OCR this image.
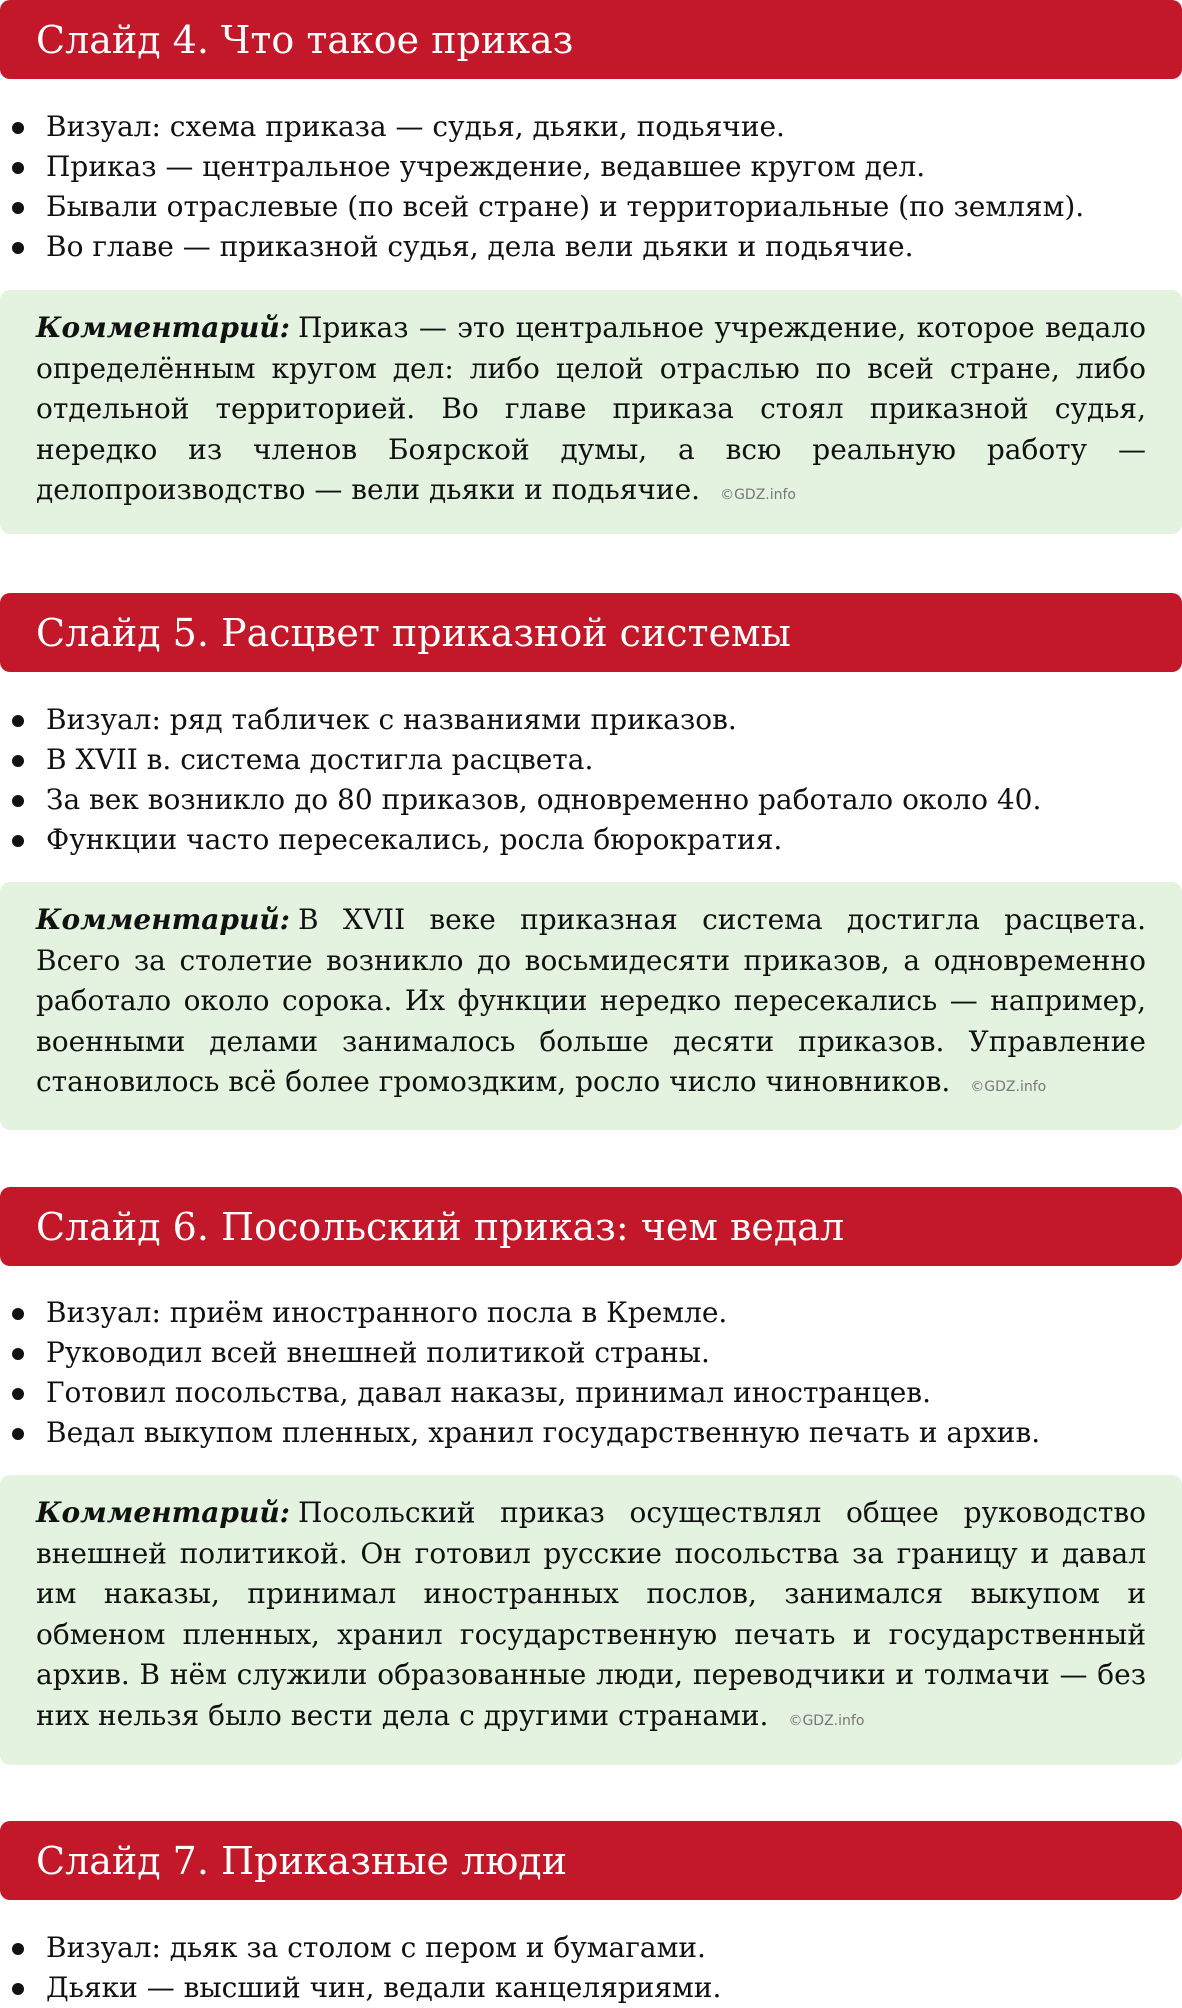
Слайд 4. Что такое приказ
Визуал: схема приказа — судья, дьяки, подьячие.
Приказ — центральное учреждение, ведавшее кругом дел.
Бывали отраслевые (по всей стране) и территориальные (по землям).
Во главе — приказной судья, дела вели дьяки и подьячие.

Комментарий: Приказ — это центральное учреждение, которое ведало определённым кругом дел: либо целой отраслью по всей стране, либо отдельной территорией. Во главе приказа стоял приказной судья, нередко из членов Боярской думы, а всю реальную работу — делопроизводство — вели дьяки и подьячие. ©GDZ.info

Слайд 5. Расцвет приказной системы
Визуал: ряд табличек с названиями приказов.
В XVII в. система достигла расцвета.
За век возникло до 80 приказов, одновременно работало около 40.
Функции часто пересекались, росла бюрократия.

Комментарий: В XVII веке приказная система достигла расцвета. Всего за столетие возникло до восьмидесяти приказов, а одновременно работало около сорока. Их функции нередко пересекались — например, военными делами занималось больше десяти приказов. Управление становилось всё более громоздким, росло число чиновников. ©GDZ.info

Слайд 6. Посольский приказ: чем ведал
Визуал: приём иностранного посла в Кремле.
Руководил всей внешней политикой страны.
Готовил посольства, давал наказы, принимал иностранцев.
Ведал выкупом пленных, хранил государственную печать и архив.

Комментарий: Посольский приказ осуществлял общее руководство внешней политикой. Он готовил русские посольства за границу и давал им наказы, принимал иностранных послов, занимался выкупом и обменом пленных, хранил государственную печать и государственный архив. В нём служили образованные люди, переводчики и толмачи — без них нельзя было вести дела с другими странами. ©GDZ.info

Слайд 7. Приказные люди
Визуал: дьяк за столом с пером и бумагами.
Дьяки — высший чин, ведали канцеляриями.
